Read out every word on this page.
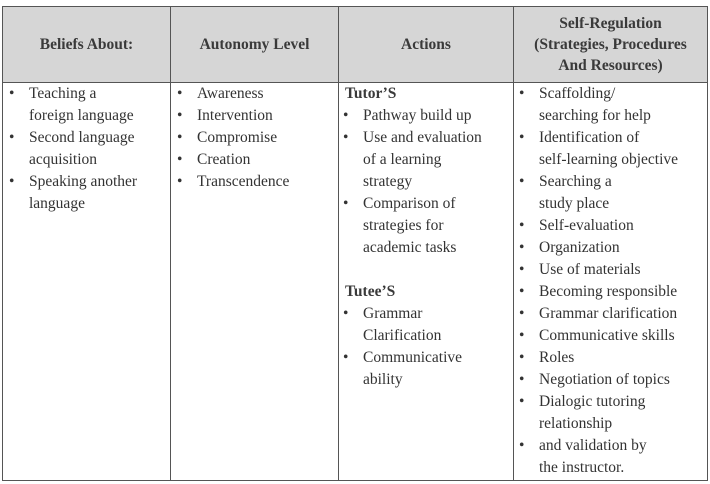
Beliefs About:	Autonomy Level	Actions
Self-Regulation
(Strategies, Procedures
And Resources)
• Teaching a
foreign language
• Second language
acquisition
• Speaking another
language
• Awareness
• Intervention
• Compromise
• Creation
• Transcendence
Tutor’S
• Pathway build up
• Use and evaluation
of a learning
strategy
• Comparison of
strategies for
academic tasks
Tutee’S
• Grammar
Clarification
• Communicative
ability
• Scaffolding/
searching for help
• Identification of
self-learning objective
• Searching a
study place
• Self-evaluation
• Organization
• Use of materials
• Becoming responsible
• Grammar clarification
• Communicative skills
• Roles
• Negotiation of topics
• Dialogic tutoring
relationship
• and validation by
the instructor.
